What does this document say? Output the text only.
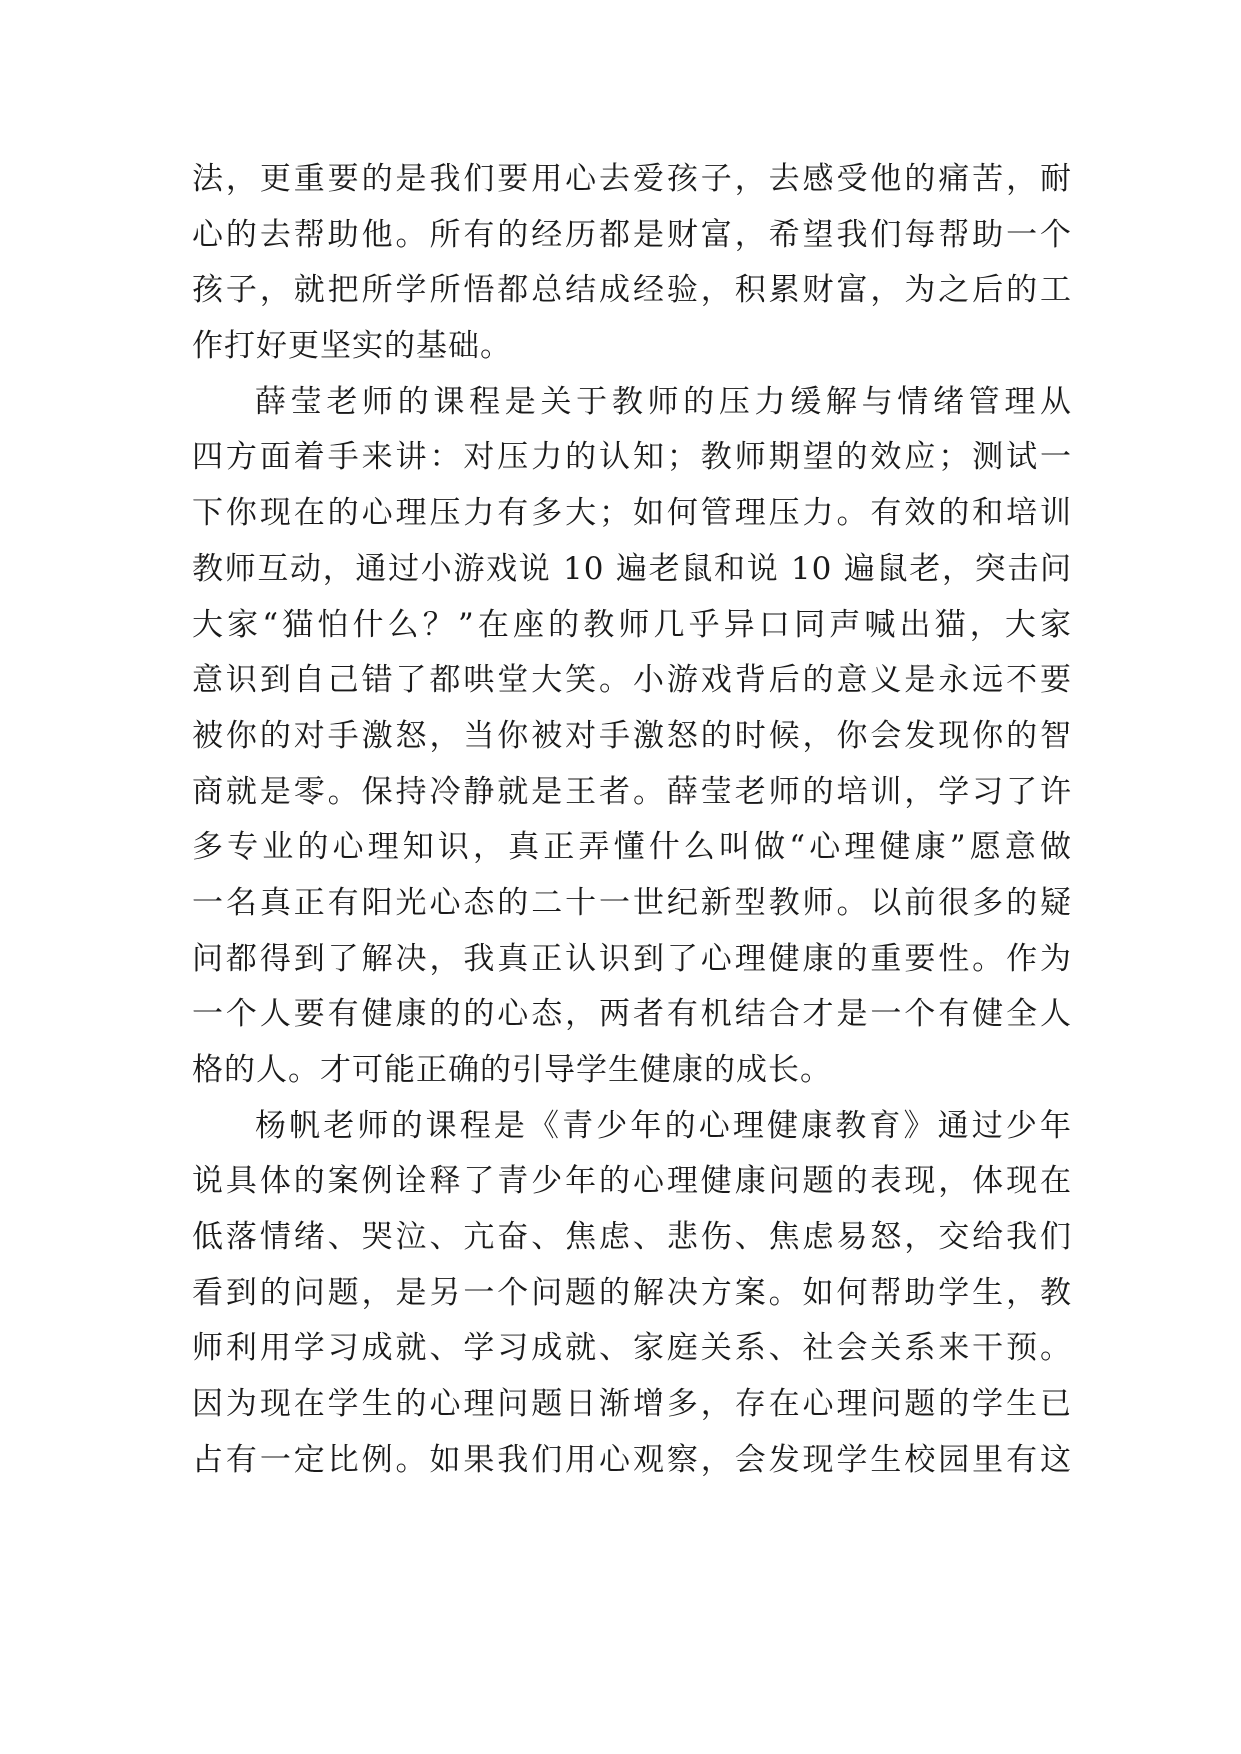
法，更重要的是我们要用心去爱孩子，去感受他的痛苦，耐
心的去帮助他。所有的经历都是财富，希望我们每帮助一个
孩子，就把所学所悟都总结成经验，积累财富，为之后的工
作打好更坚实的基础。
薛莹老师的课程是关于教师的压力缓解与情绪管理从
四方面着手来讲：对压力的认知；教师期望的效应；测试一
下你现在的心理压力有多大；如何管理压力。有效的和培训
教师互动，通过小游戏说 10 遍老鼠和说 10 遍鼠老，突击问
大家“猫怕什么？”在座的教师几乎异口同声喊出猫，大家
意识到自己错了都哄堂大笑。小游戏背后的意义是永远不要
被你的对手激怒，当你被对手激怒的时候，你会发现你的智
商就是零。保持冷静就是王者。薛莹老师的培训，学习了许
多专业的心理知识，真正弄懂什么叫做“心理健康”愿意做
一名真正有阳光心态的二十一世纪新型教师。以前很多的疑
问都得到了解决，我真正认识到了心理健康的重要性。作为
一个人要有健康的的心态，两者有机结合才是一个有健全人
格的人。才可能正确的引导学生健康的成长。
杨帆老师的课程是《青少年的心理健康教育》通过少年
说具体的案例诠释了青少年的心理健康问题的表现，体现在
低落情绪、哭泣、亢奋、焦虑、悲伤、焦虑易怒，交给我们
看到的问题，是另一个问题的解决方案。如何帮助学生，教
师利用学习成就、学习成就、家庭关系、社会关系来干预。
因为现在学生的心理问题日渐增多，存在心理问题的学生已
占有一定比例。如果我们用心观察，会发现学生校园里有这
